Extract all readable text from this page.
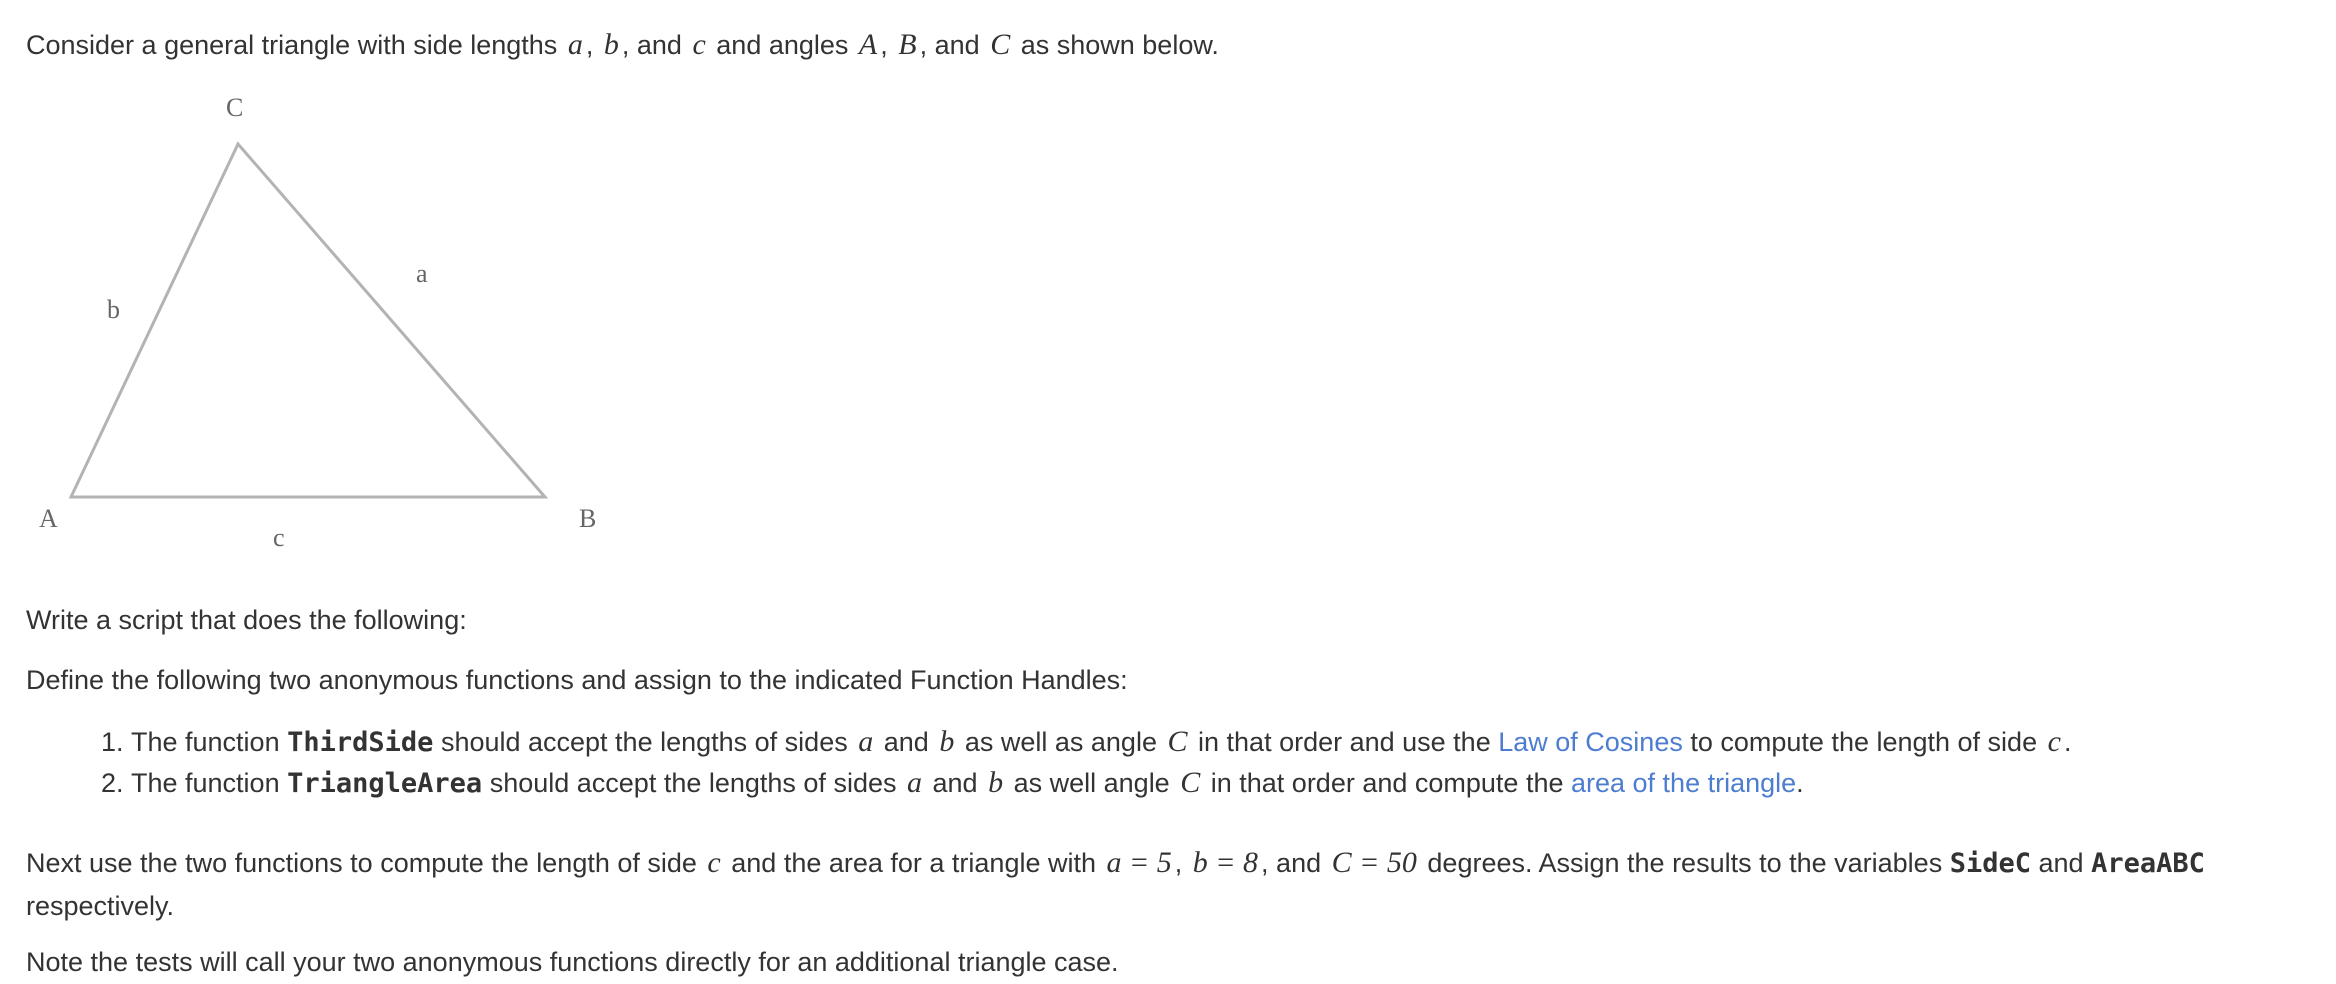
Consider a general triangle with side lengths a , b , and c and angles A , B , and C as shown below.

C
a
b
A	B
c

Write a script that does the following:

Define the following two anonymous functions and assign to the indicated Function Handles:

1. The function ThirdSide should accept the lengths of sides a and b as well as angle C in that order and use the Law of Cosines to compute the length of side c .
2. The function TriangleArea should accept the lengths of sides a and b as well angle C in that order and compute the area of the triangle.

Next use the two functions to compute the length of side c and the area for a triangle with a = 5 , b = 8 , and C = 50 degrees. Assign the results to the variables SideC and AreaABC respectively.

Note the tests will call your two anonymous functions directly for an additional triangle case.
